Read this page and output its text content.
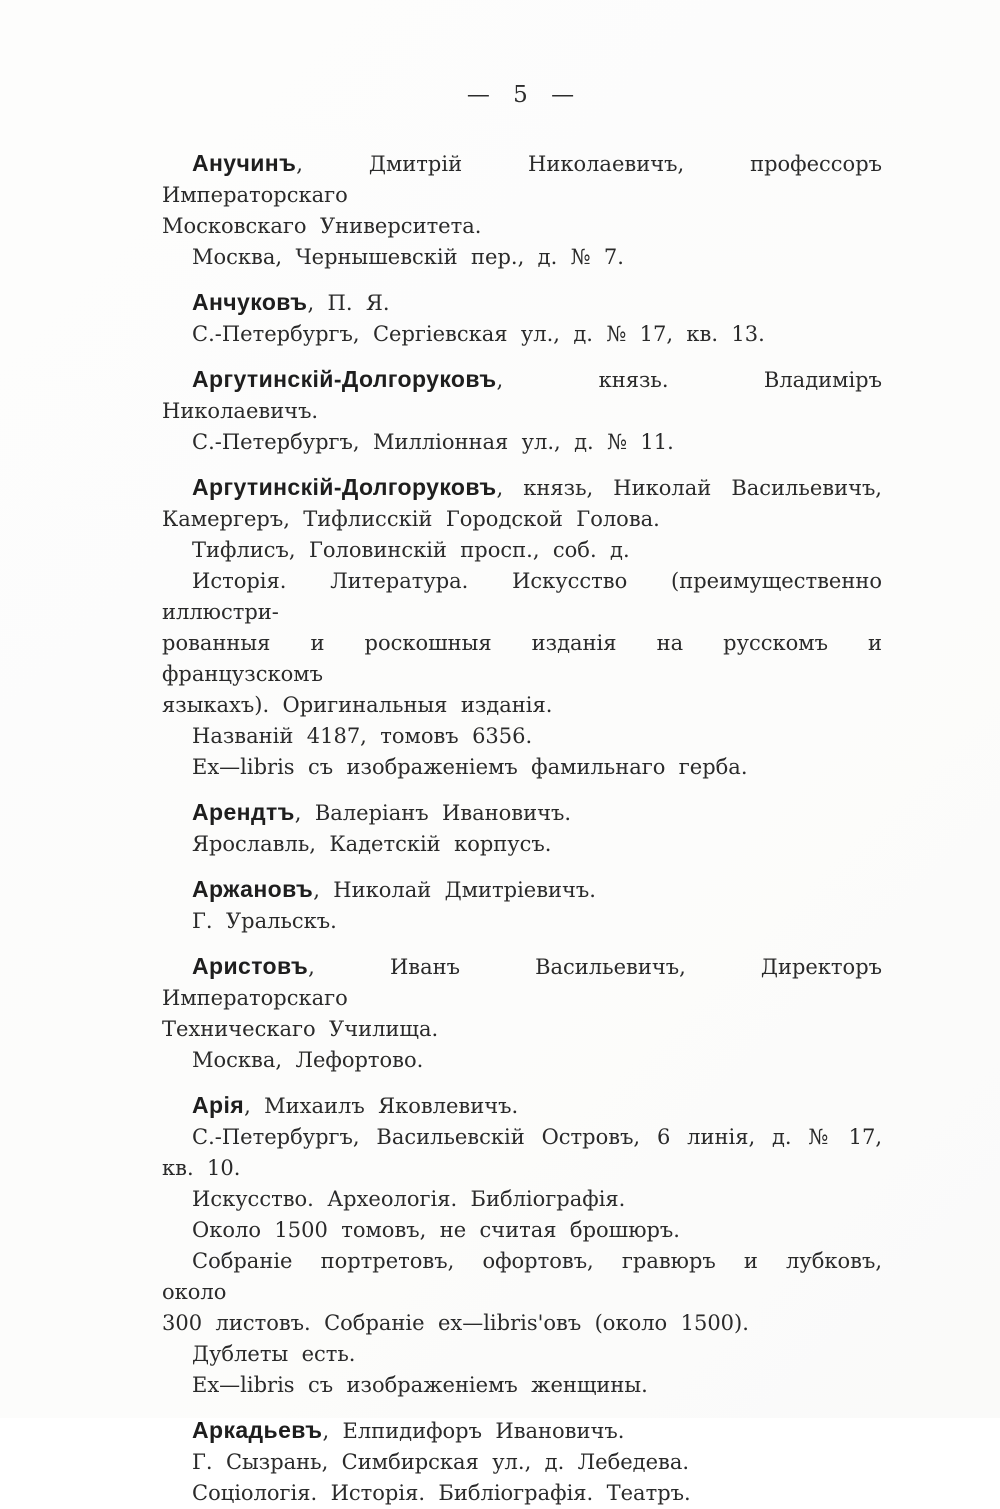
— 5 —
Анучинъ, Дмитрій Николаевичъ, профессоръ Императорскаго
Московскаго Университета.
Москва, Чернышевскій пер., д. № 7.
Анчуковъ, П. Я.
С.-Петербургъ, Сергіевская ул., д. № 17, кв. 13.
Аргутинскій-Долгоруковъ, князь. Владиміръ Николаевичъ.
С.-Петербургъ, Милліонная ул., д. № 11.
Аргутинскій-Долгоруковъ, князь, Николай Васильевичъ,
Камергеръ, Тифлисскій Городской Голова.
Тифлисъ, Головинскій просп., соб. д.
Исторія. Литература. Искусство (преимущественно иллюстри-
рованныя и роскошныя изданія на русскомъ и французскомъ
языкахъ). Оригинальныя изданія.
Названій 4187, томовъ 6356.
Ex—libris съ изображеніемъ фамильнаго герба.
Арендтъ, Валеріанъ Ивановичъ.
Ярославль, Кадетскій корпусъ.
Аржановъ, Николай Дмитріевичъ.
Г. Уральскъ.
Аристовъ, Иванъ Васильевичъ, Директоръ Императорскаго
Техническаго Училища.
Москва, Лефортово.
Арія, Михаилъ Яковлевичъ.
С.-Петербургъ, Васильевскій Островъ, 6 линія, д. № 17,
кв. 10.
Искусство. Археологія. Библіографія.
Около 1500 томовъ, не считая брошюръ.
Собраніе портретовъ, офортовъ, гравюръ и лубковъ, около
300 листовъ. Собраніе ex—libris'овъ (около 1500).
Дублеты есть.
Ex—libris съ изображеніемъ женщины.
Аркадьевъ, Елпидифоръ Ивановичъ.
Г. Сызрань, Симбирская ул., д. Лебедева.
Соціологія. Исторія. Библіографія. Театръ.
